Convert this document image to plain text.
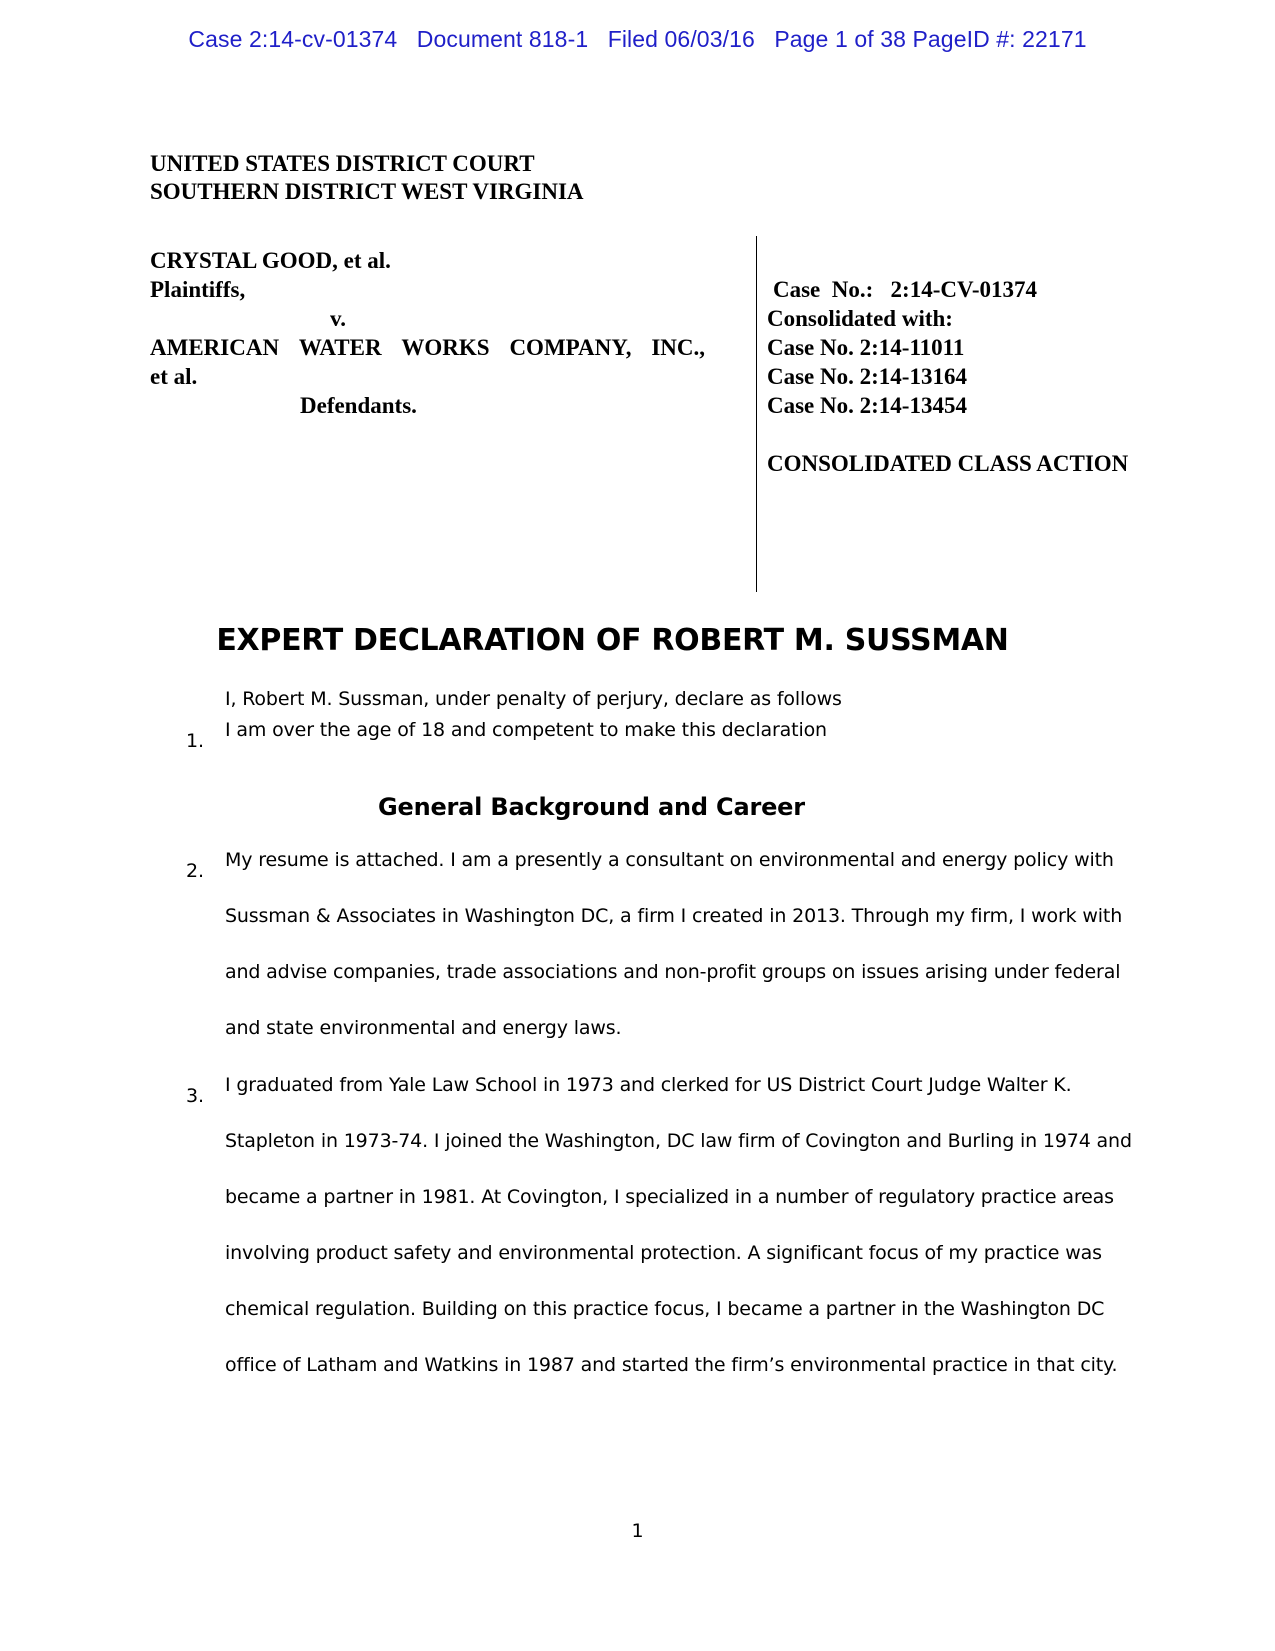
Case 2:14-cv-01374   Document 818-1   Filed 06/03/16   Page 1 of 38 PageID #: 22171
UNITED STATES DISTRICT COURT
SOUTHERN DISTRICT WEST VIRGINIA
CRYSTAL GOOD, et al.
Plaintiffs,
v.
AMERICAN WATER WORKS COMPANY, INC.,
et al.
Defendants.
Case  No.:   2:14-CV-01374
Consolidated with:
Case No. 2:14-11011
Case No. 2:14-13164
Case No. 2:14-13454
CONSOLIDATED CLASS ACTION
EXPERT DECLARATION OF ROBERT M. SUSSMAN
I, Robert M. Sussman, under penalty of perjury, declare as follows
1. I am over the age of 18 and competent to make this declaration
General Background and Career
2. My resume is attached. I am a presently a consultant on environmental and energy policy with
Sussman & Associates in Washington DC, a firm I created in 2013. Through my firm, I work with
and advise companies, trade associations and non-profit groups on issues arising under federal
and state environmental and energy laws.
3. I graduated from Yale Law School in 1973 and clerked for US District Court Judge Walter K.
Stapleton in 1973-74. I joined the Washington, DC law firm of Covington and Burling in 1974 and
became a partner in 1981. At Covington, I specialized in a number of regulatory practice areas
involving product safety and environmental protection. A significant focus of my practice was
chemical regulation. Building on this practice focus, I became a partner in the Washington DC
office of Latham and Watkins in 1987 and started the firm’s environmental practice in that city.
1
